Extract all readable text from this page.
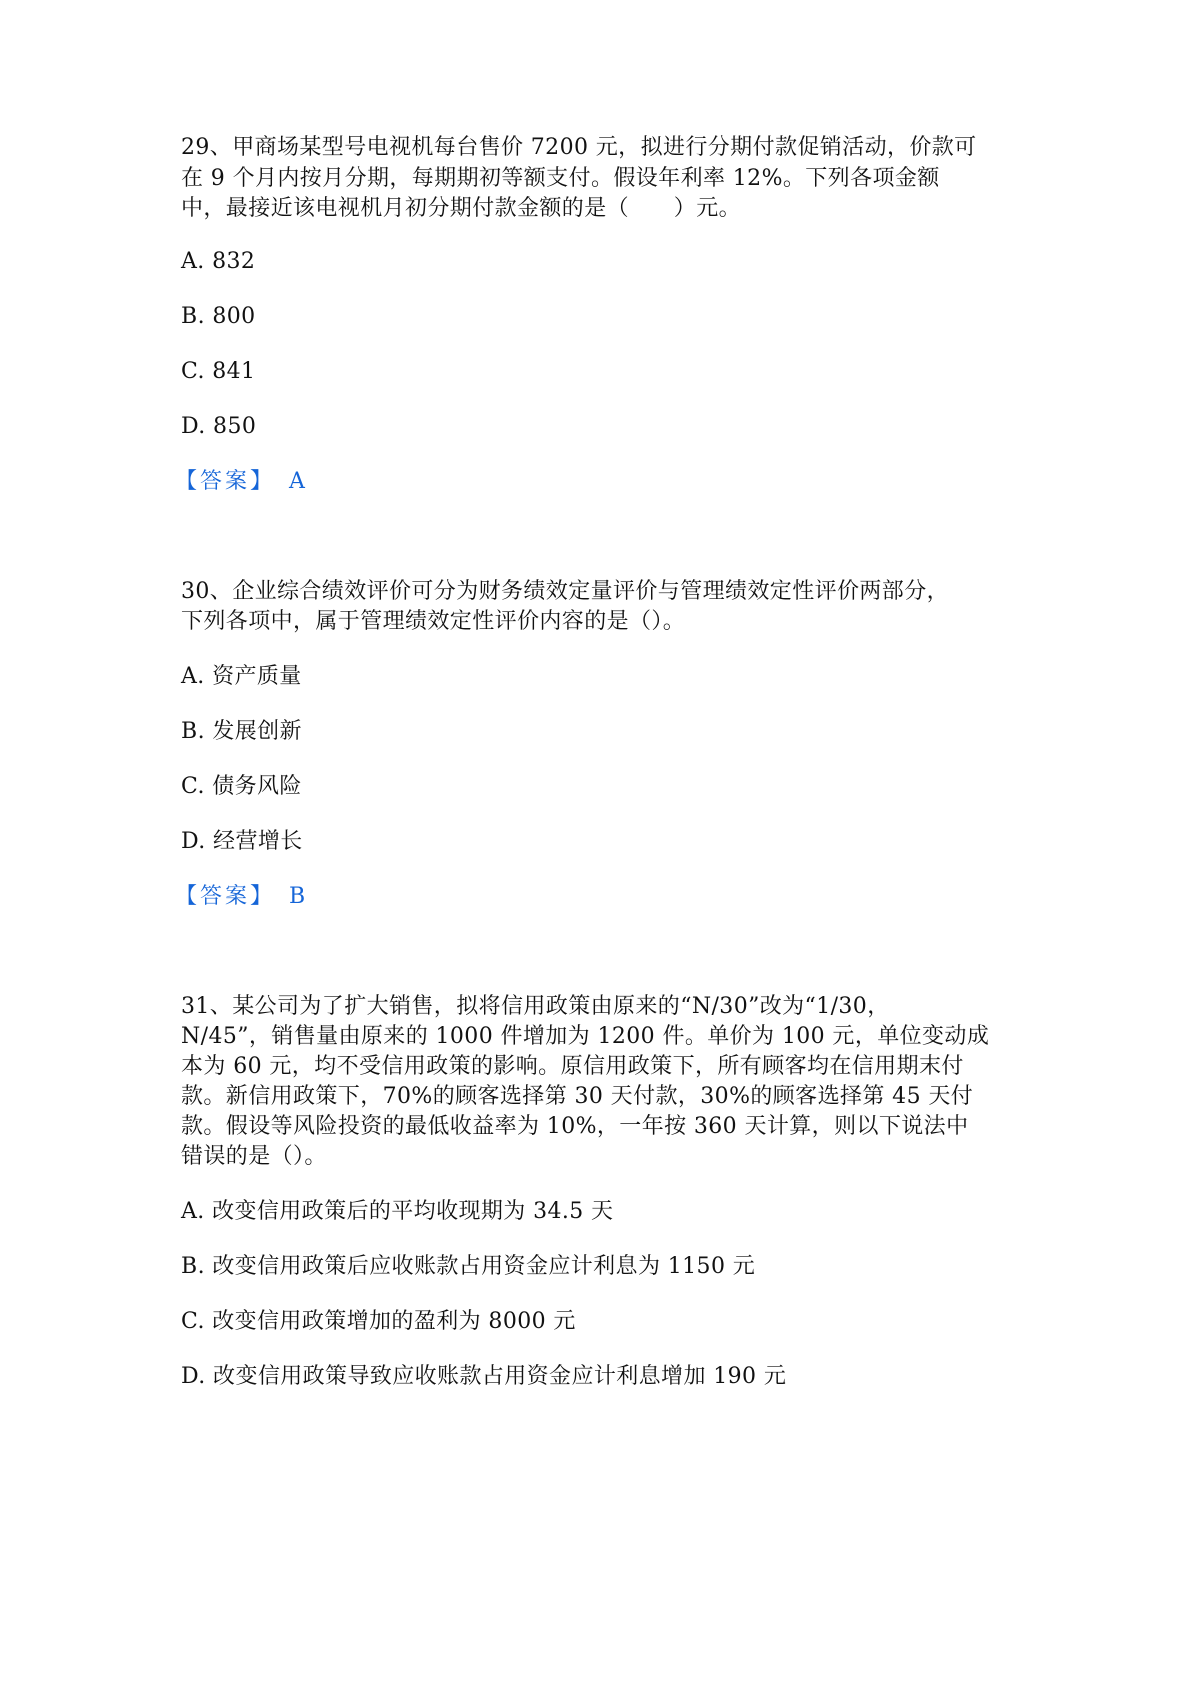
29、甲商场某型号电视机每台售价 7200 元，拟进行分期付款促销活动，价款可
在 9 个月内按月分期，每期期初等额支付。假设年利率 12%。下列各项金额
中，最接近该电视机月初分期付款金额的是（　　）元。
A. 832
B. 800
C. 841
D. 850
【答案】 A
30、企业综合绩效评价可分为财务绩效定量评价与管理绩效定性评价两部分，
下列各项中，属于管理绩效定性评价内容的是（）。
A. 资产质量
B. 发展创新
C. 债务风险
D. 经营增长
【答案】 B
31、某公司为了扩大销售，拟将信用政策由原来的“N/30”改为“1/30，
N/45”，销售量由原来的 1000 件增加为 1200 件。单价为 100 元，单位变动成
本为 60 元，均不受信用政策的影响。原信用政策下，所有顾客均在信用期末付
款。新信用政策下，70%的顾客选择第 30 天付款，30%的顾客选择第 45 天付
款。假设等风险投资的最低收益率为 10%，一年按 360 天计算，则以下说法中
错误的是（）。
A. 改变信用政策后的平均收现期为 34.5 天
B. 改变信用政策后应收账款占用资金应计利息为 1150 元
C. 改变信用政策增加的盈利为 8000 元
D. 改变信用政策导致应收账款占用资金应计利息增加 190 元
